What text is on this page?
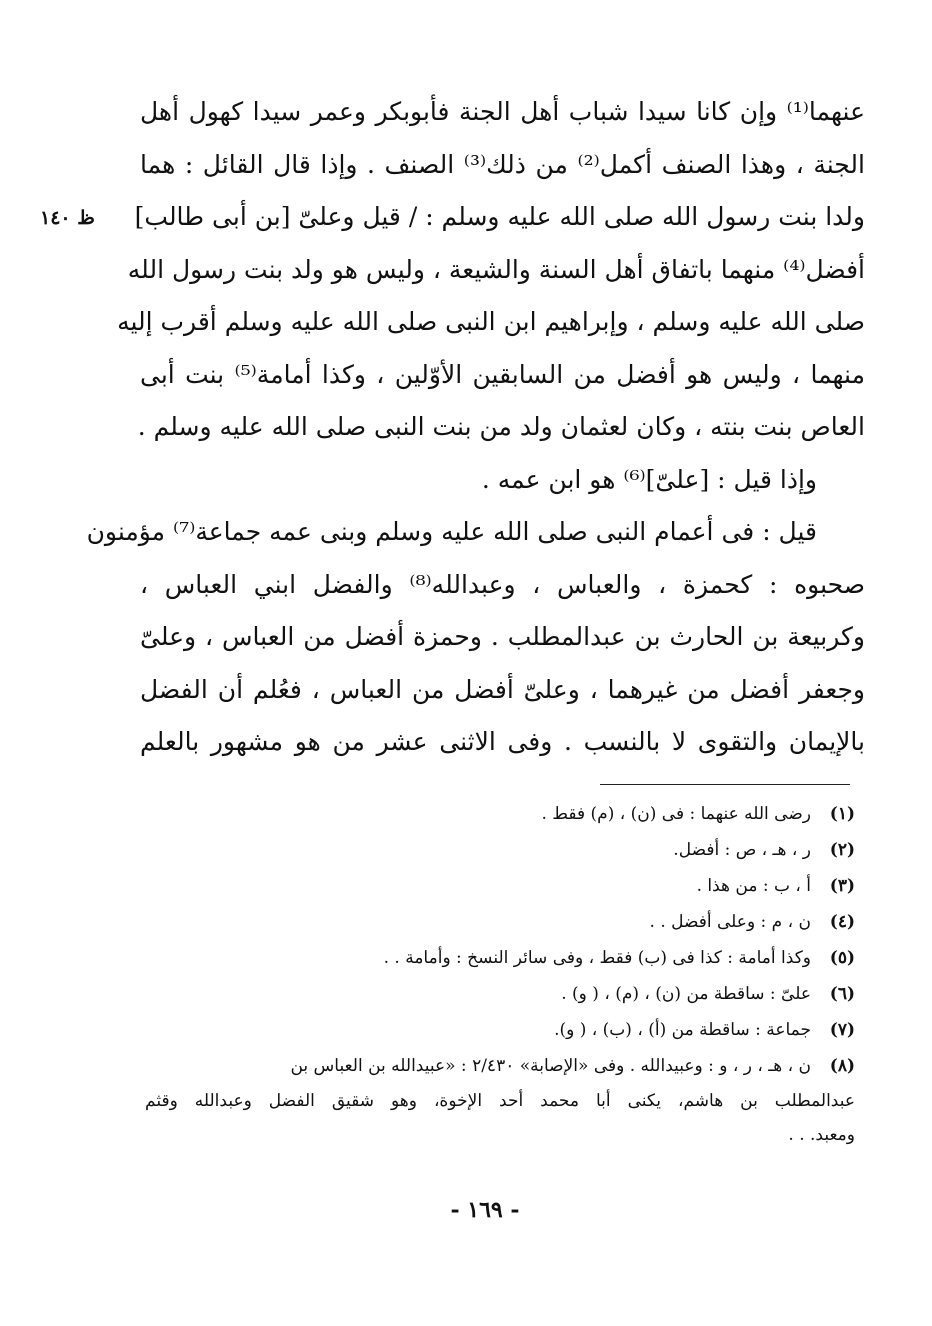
ظ ١٤٠
عنهما⁽¹⁾ وإن كانا سيدا شباب أهل الجنة فأبوبكر وعمر سيدا كهول أهل
الجنة ، وهذا الصنف أكمل⁽²⁾ من ذلك⁽³⁾ الصنف . وإذا قال القائل : هما
ولدا بنت رسول الله صلى الله عليه وسلم : / قيل وعلىّ [بن أبى طالب]
أفضل⁽⁴⁾ منهما باتفاق أهل السنة والشيعة ، وليس هو ولد بنت رسول الله
صلى الله عليه وسلم ، وإبراهيم ابن النبى صلى الله عليه وسلم أقرب إليه
منهما ، وليس هو أفضل من السابقين الأوّلين ، وكذا أمامة⁽⁵⁾ بنت أبى
العاص بنت بنته ، وكان لعثمان ولد من بنت النبى صلى الله عليه وسلم .
وإذا قيل : [علىّ]⁽⁶⁾ هو ابن عمه .
قيل : فى أعمام النبى صلى الله عليه وسلم وبنى عمه جماعة⁽⁷⁾ مؤمنون
صحبوه : كحمزة ، والعباس ، وعبدالله⁽⁸⁾ والفضل ابني العباس ،
وكربيعة بن الحارث بن عبدالمطلب . وحمزة أفضل من العباس ، وعلىّ
وجعفر أفضل من غيرهما ، وعلىّ أفضل من العباس ، فعُلم أن الفضل
بالإيمان والتقوى لا بالنسب . وفى الاثنى عشر من هو مشهور بالعلم
(١)
رضى الله عنهما : فى (ن) ، (م) فقط .
(٢)
ر ، هـ ، ص : أفضل.
(٣)
أ ، ب : من هذا .
(٤)
ن ، م : وعلى أفضل . .
(٥)
وكذا أمامة : كذا فى (ب) فقط ، وفى سائر النسخ : وأمامة . .
(٦)
علىّ : ساقطة من (ن) ، (م) ، ( و) .
(٧)
جماعة : ساقطة من (أ) ، (ب) ، ( و).
(٨)
ن ، هـ ، ر ، و : وعبيدالله . وفى «الإصابة» ٢/٤٣٠ : «عبيدالله بن العباس بن
عبدالمطلب بن هاشم، يكنى أبا محمد أحد الإخوة، وهو شقيق الفضل وعبدالله وقثم
ومعبد. . .
- ١٦٩ -
